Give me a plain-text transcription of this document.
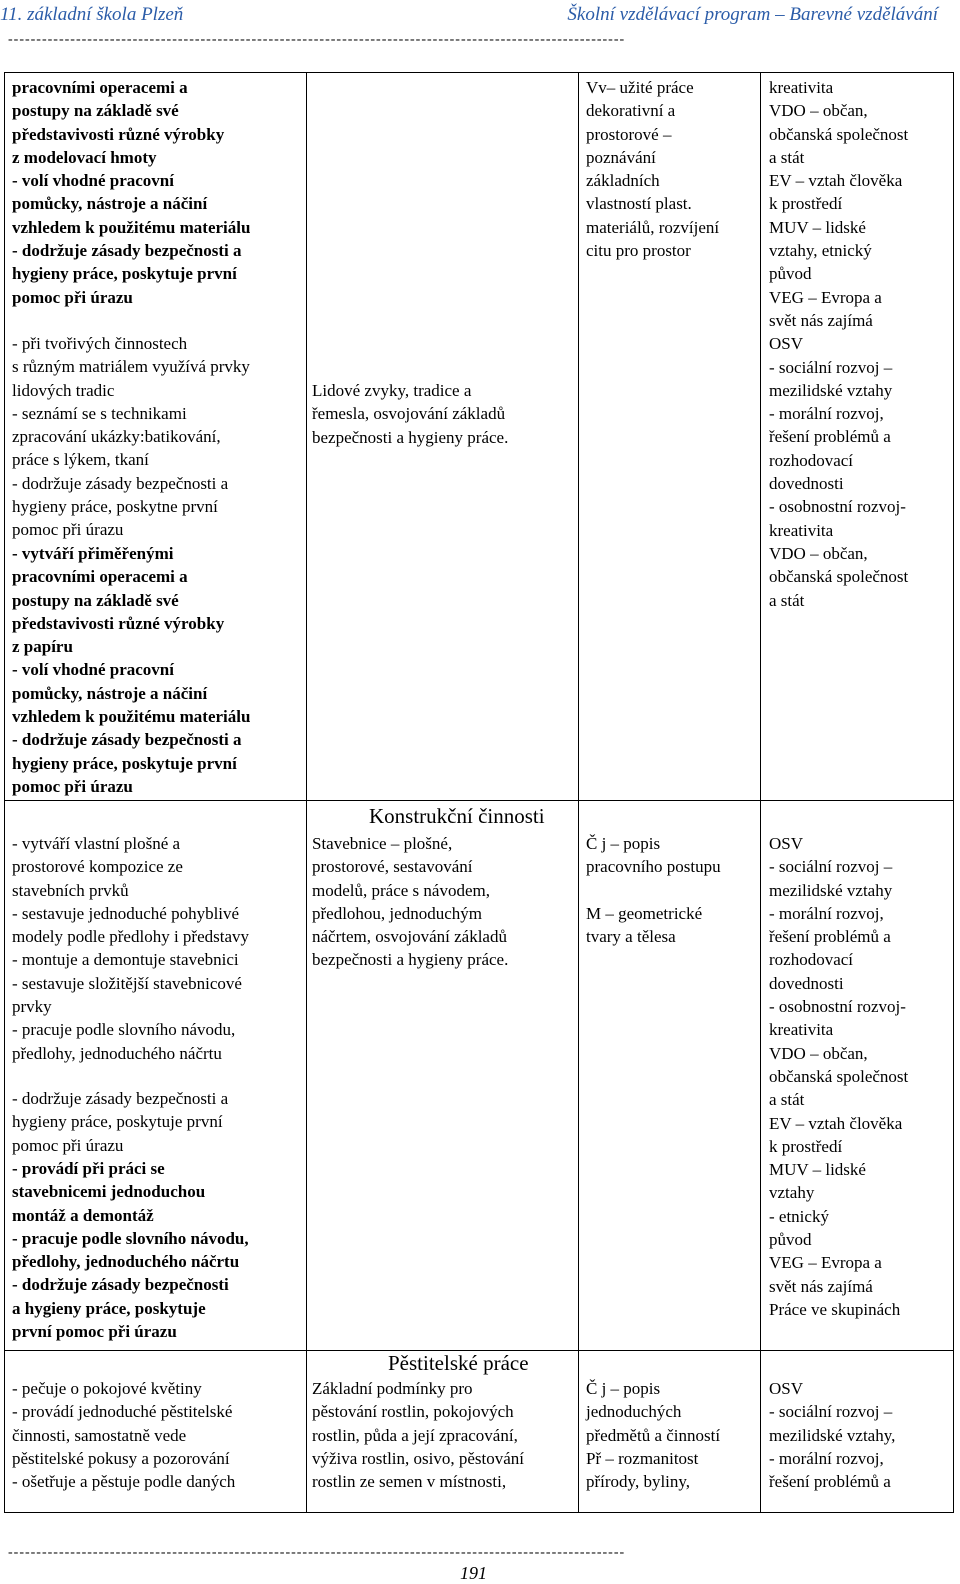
11. základní škola Plzeň	Školní vzdělávací program – Barevné vzdělávání
-------------------------------------------------------------------------------------------------------------
pracovními operacemi a
postupy na základě své
představivosti různé výrobky
z modelovací hmoty
- volí vhodné pracovní
pomůcky, nástroje a náčiní
vzhledem k použitému materiálu
- dodržuje zásady bezpečnosti a
hygieny práce, poskytuje první
pomoc při úrazu
- při tvořivých činnostech
s různým matriálem využívá prvky
lidových tradic
- seznámí se s technikami
zpracování ukázky:batikování,
práce s lýkem, tkaní
- dodržuje zásady bezpečnosti a
hygieny práce, poskytne první
pomoc při úrazu
- vytváří přiměřenými
pracovními operacemi a
postupy na základě své
představivosti různé výrobky
z papíru
- volí vhodné pracovní
pomůcky, nástroje a náčiní
vzhledem k použitému materiálu
- dodržuje zásady bezpečnosti a
hygieny práce, poskytuje první
pomoc při úrazu
Lidové zvyky, tradice a
řemesla, osvojování základů
bezpečnosti a hygieny práce.
Vv– užité práce
dekorativní a
prostorové –
poznávání
základních
vlastností plast.
materiálů, rozvíjení
citu pro prostor
kreativita
VDO – občan,
občanská společnost
a stát
EV – vztah člověka
k prostředí
MUV – lidské
vztahy, etnický
původ
VEG – Evropa a
svět nás zajímá
OSV
- sociální rozvoj –
mezilidské vztahy
- morální rozvoj,
řešení problémů a
rozhodovací
dovednosti
- osobnostní rozvoj-
kreativita
VDO – občan,
občanská společnost
a stát
Konstrukční činnosti
- vytváří vlastní plošné a
prostorové kompozice ze
stavebních prvků
- sestavuje jednoduché pohyblivé
modely podle předlohy i představy
- montuje a demontuje stavebnici
- sestavuje složitější stavebnicové
prvky
- pracuje podle slovního návodu,
předlohy, jednoduchého náčrtu
- dodržuje zásady bezpečnosti a
hygieny práce, poskytuje první
pomoc při úrazu
- provádí při práci se
stavebnicemi jednoduchou
montáž a demontáž
- pracuje podle slovního návodu,
předlohy, jednoduchého náčrtu
- dodržuje zásady bezpečnosti
a hygieny práce, poskytuje
první pomoc při úrazu
Stavebnice – plošné,
prostorové, sestavování
modelů, práce s návodem,
předlohou, jednoduchým
náčrtem, osvojování základů
bezpečnosti a hygieny práce.
Č j – popis
pracovního postupu

M – geometrické
tvary a tělesa
OSV
- sociální rozvoj –
mezilidské vztahy
- morální rozvoj,
řešení problémů a
rozhodovací
dovednosti
- osobnostní rozvoj-
kreativita
VDO – občan,
občanská společnost
a stát
EV – vztah člověka
k prostředí
MUV – lidské
vztahy
- etnický
původ
VEG – Evropa a
svět nás zajímá
Práce ve skupinách
Pěstitelské práce
- pečuje o pokojové květiny
- provádí jednoduché pěstitelské
činnosti, samostatně vede
pěstitelské pokusy a pozorování
- ošetřuje a pěstuje podle daných
Základní podmínky pro
pěstování rostlin, pokojových
rostlin, půda a její zpracování,
výživa rostlin, osivo, pěstování
rostlin ze semen v místnosti,
Č j – popis
jednoduchých
předmětů a činností
Př – rozmanitost
přírody, byliny,
OSV
- sociální rozvoj –
mezilidské vztahy,
- morální rozvoj,
řešení problémů a
-------------------------------------------------------------------------------------------------------------
191
